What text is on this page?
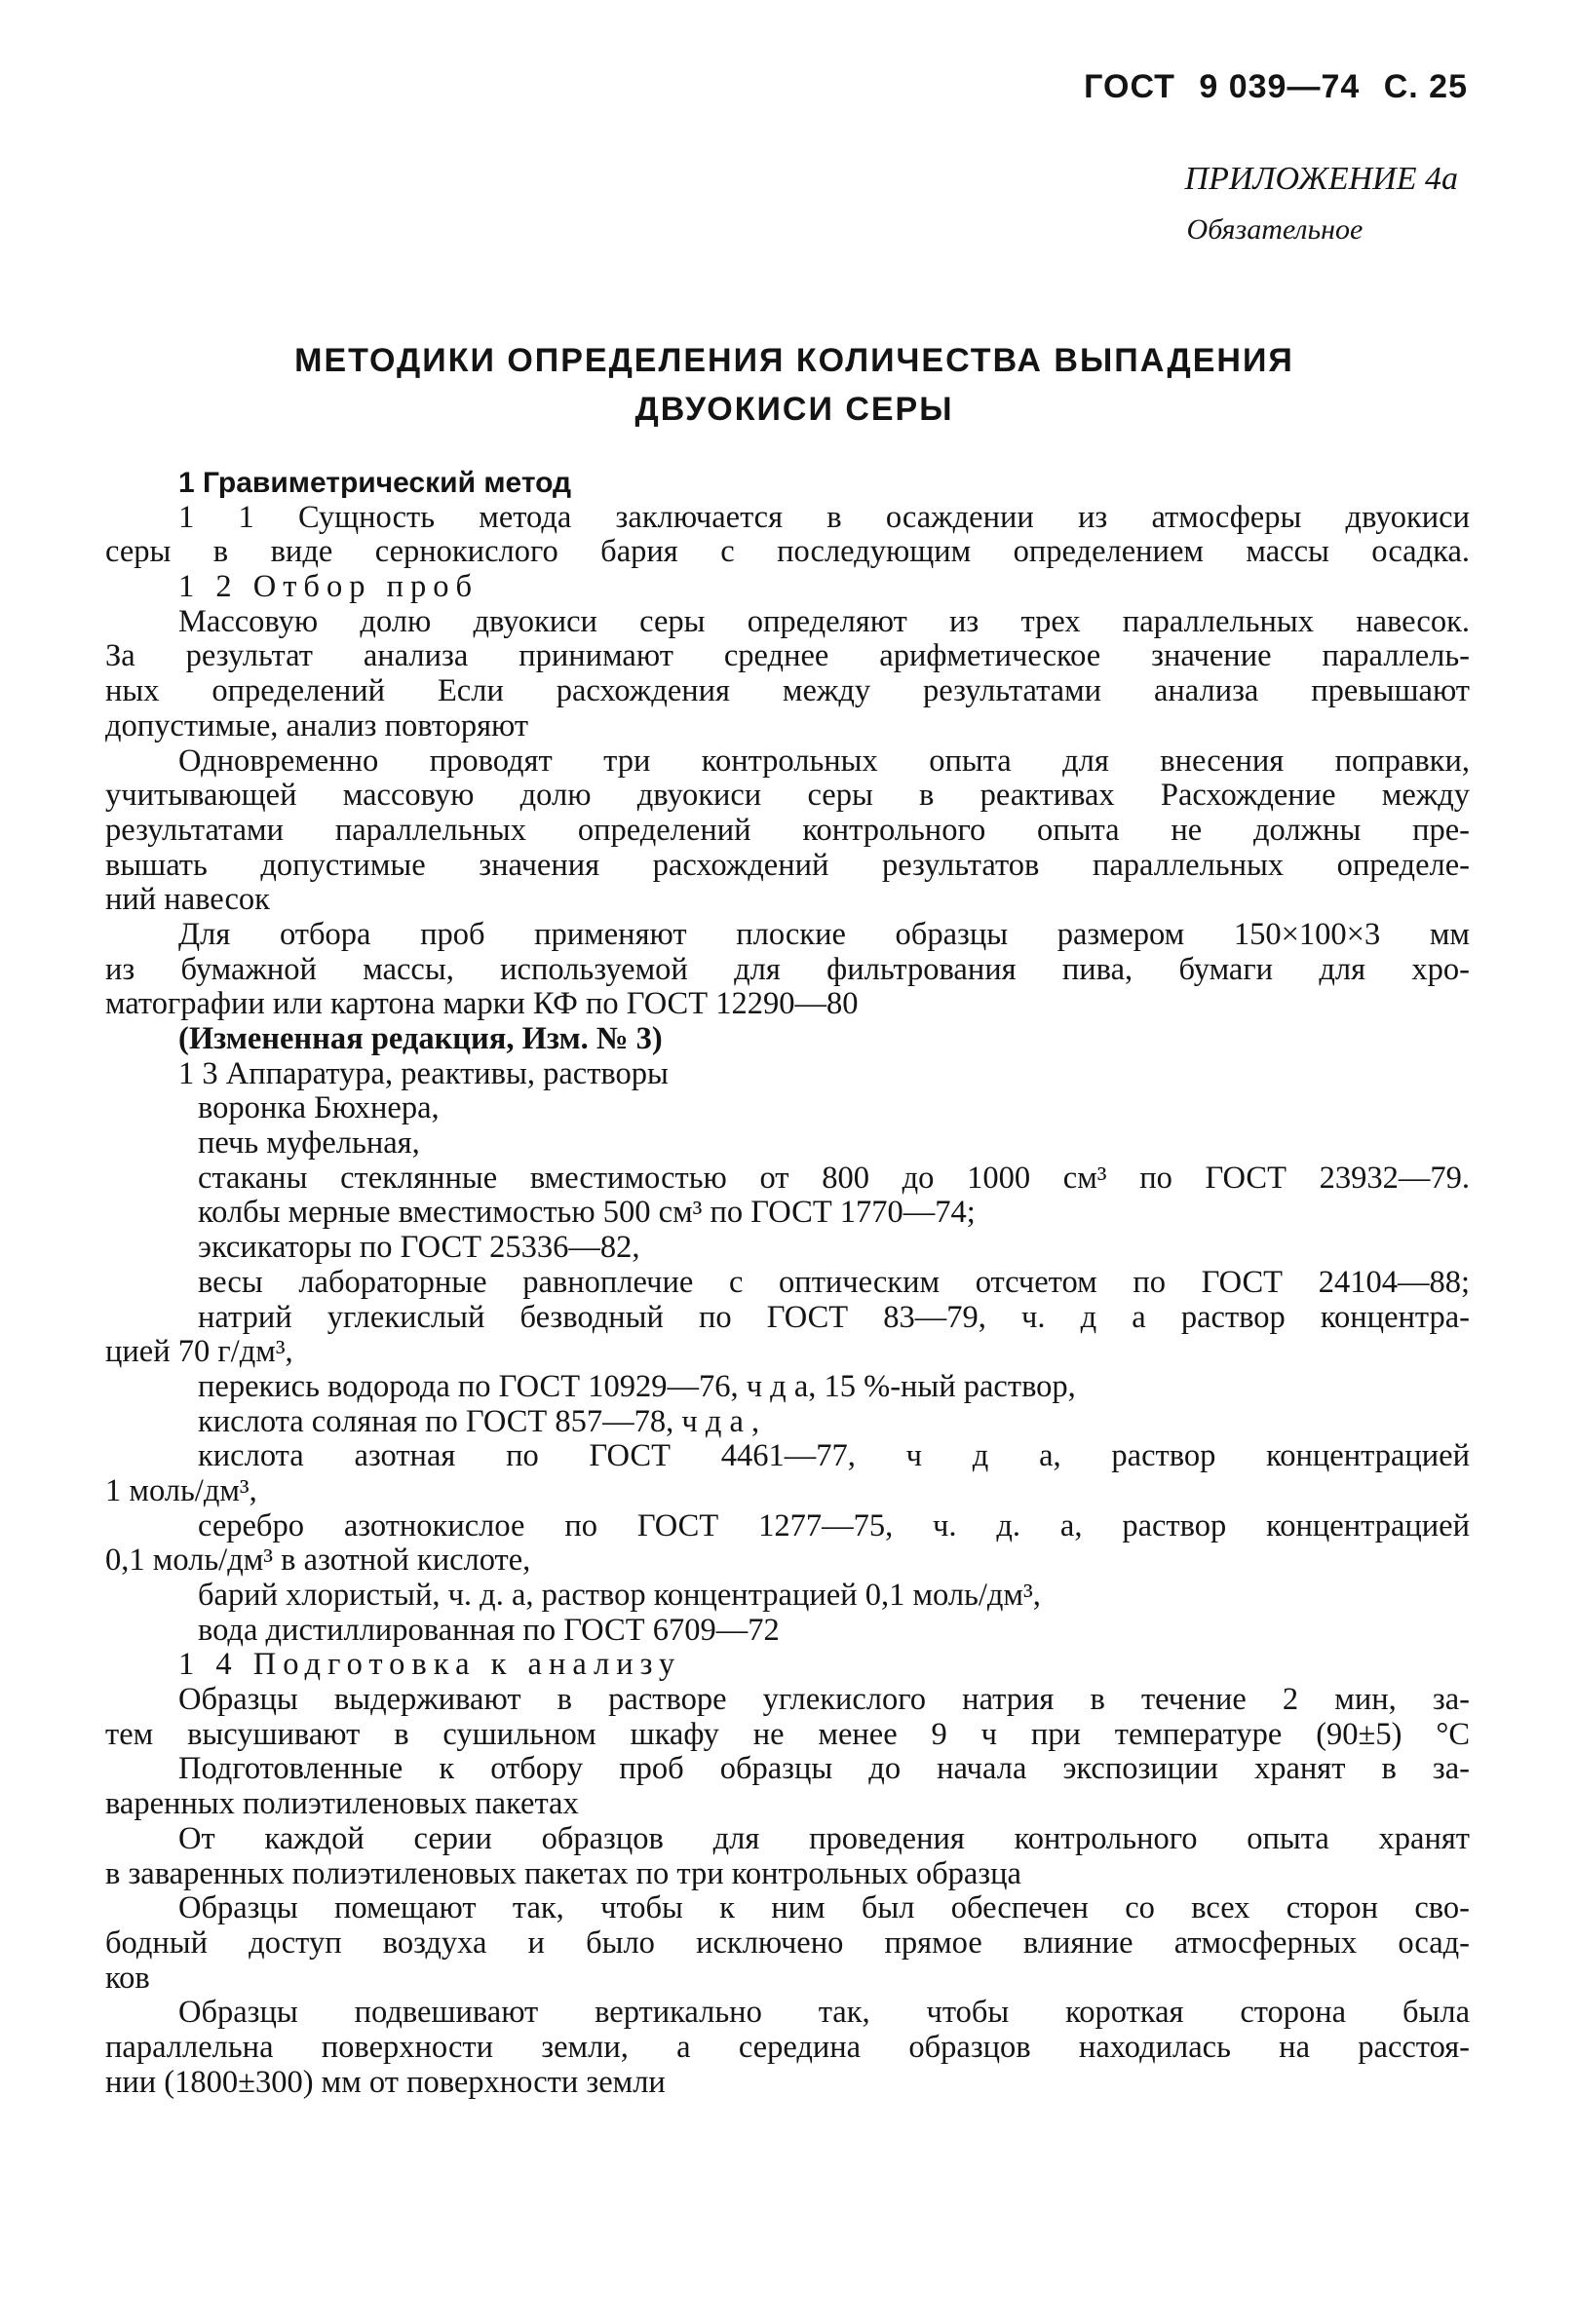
ГОСТ 9 039—74 С. 25
ПРИЛОЖЕНИЕ 4а
Обязательное
МЕТОДИКИ ОПРЕДЕЛЕНИЯ КОЛИЧЕСТВА ВЫПАДЕНИЯ
ДВУОКИСИ СЕРЫ
1 Гравиметрический метод
1 1 Сущность метода заключается в осаждении из атмосферы двуокиси
серы в виде сернокислого бария с последующим определением массы осадка.
1 2 Отбор проб
Массовую долю двуокиси серы определяют из трех параллельных навесок.
За результат анализа принимают среднее арифметическое значение параллель-
ных определений Если расхождения между результатами анализа превышают
допустимые, анализ повторяют
Одновременно проводят три контрольных опыта для внесения поправки,
учитывающей массовую долю двуокиси серы в реактивах Расхождение между
результатами параллельных определений контрольного опыта не должны пре-
вышать допустимые значения расхождений результатов параллельных определе-
ний навесок
Для отбора проб применяют плоские образцы размером 150×100×3 мм
из бумажной массы, используемой для фильтрования пива, бумаги для хро-
матографии или картона марки КФ по ГОСТ 12290—80
(Измененная редакция, Изм. № 3)
1 3 Аппаратура, реактивы, растворы
воронка Бюхнера,
печь муфельная,
стаканы стеклянные вместимостью от 800 до 1000 см³ по ГОСТ 23932—79.
колбы мерные вместимостью 500 см³ по ГОСТ 1770—74;
эксикаторы по ГОСТ 25336—82,
весы лабораторные равноплечие с оптическим отсчетом по ГОСТ 24104—88;
натрий углекислый безводный по ГОСТ 83—79, ч. д а раствор концентра-
цией 70 г/дм³,
перекись водорода по ГОСТ 10929—76, ч д а, 15 %-ный раствор,
кислота соляная по ГОСТ 857—78, ч д а ,
кислота азотная по ГОСТ 4461—77, ч д а, раствор концентрацией
1 моль/дм³,
серебро азотнокислое по ГОСТ 1277—75, ч. д. а, раствор концентрацией
0,1 моль/дм³ в азотной кислоте,
барий хлористый, ч. д. а, раствор концентрацией 0,1 моль/дм³,
вода дистиллированная по ГОСТ 6709—72
1 4 Подготовка к анализу
Образцы выдерживают в растворе углекислого натрия в течение 2 мин, за-
тем высушивают в сушильном шкафу не менее 9 ч при температуре (90±5) °С
Подготовленные к отбору проб образцы до начала экспозиции хранят в за-
варенных полиэтиленовых пакетах
От каждой серии образцов для проведения контрольного опыта хранят
в заваренных полиэтиленовых пакетах по три контрольных образца
Образцы помещают так, чтобы к ним был обеспечен со всех сторон сво-
бодный доступ воздуха и было исключено прямое влияние атмосферных осад-
ков
Образцы подвешивают вертикально так, чтобы короткая сторона была
параллельна поверхности земли, а середина образцов находилась на расстоя-
нии (1800±300) мм от поверхности земли
